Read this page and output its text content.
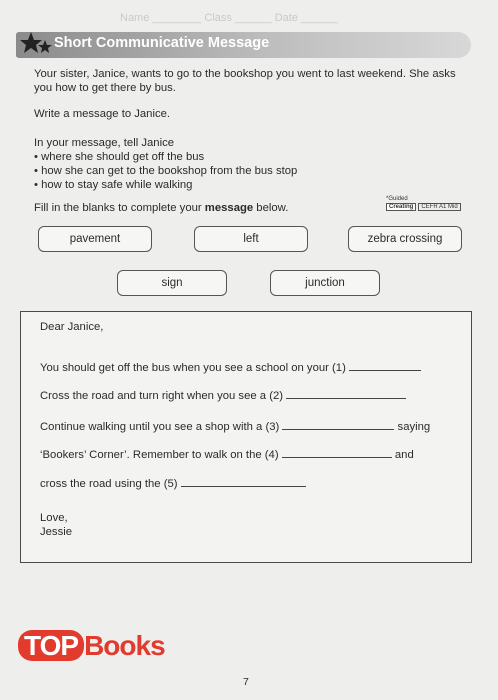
Name ________ Class ______ Date ______
Short Communicative Message

Your sister, Janice, wants to go to the bookshop you went to last weekend. She asks

you how to get there by bus.

Write a message to Janice.

In your message, tell Janice

• where she should get off the bus
• how she can get to the bookshop from the bus stop
• how to stay safe while walking

Fill in the blanks to complete your message below.

*Guided
Creating	CEFR A1 Mid
pavement	left	zebra crossing
sign	junction
Dear Janice,
You should get off the bus when you see a school on your (1)
Cross the road and turn right when you see a (2)
Continue walking until you see a shop with a (3)	saying
‘Bookers’ Corner’. Remember to walk on the (4)	and
cross the road using the (5)
Love,
Jessie
TOP Books
7
